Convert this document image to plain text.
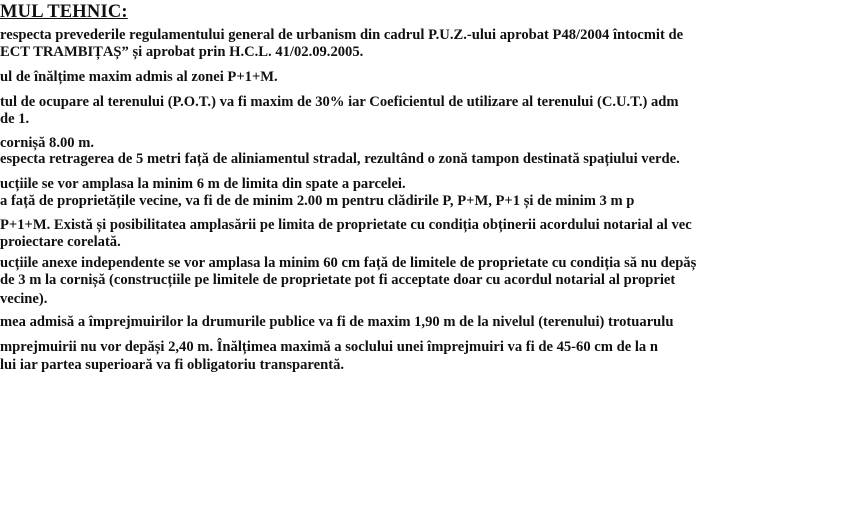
MUL TEHNIC:
respecta prevederile regulamentului general de urbanism din cadrul P.U.Z.-ului aprobat P48/2004 întocmit de
ECT TRAMBIȚAȘ” și aprobat prin H.C.L. 41/02.09.2005.
ul de înălțime maxim admis al zonei P+1+M.
tul de ocupare al terenului (P.O.T.) va fi maxim de 30% iar Coeficientul de utilizare al terenului (C.U.T.) adm
de 1.
cornișă 8.00 m.
especta retragerea de 5 metri față de aliniamentul stradal, rezultând o zonă tampon destinată spațiului verde.
ucțiile se vor amplasa la minim 6 m de limita din spate a parcelei.
a față de proprietățile vecine, va fi de de minim 2.00 m pentru clădirile P, P+M, P+1 și de minim 3 m p
P+1+M. Există și posibilitatea amplasării pe limita de proprietate cu condiția obținerii acordului notarial al vec
proiectare corelată.
ucțiile anexe independente se vor amplasa la minim 60 cm față de limitele de proprietate cu condiția să nu depăș
de 3 m la cornișă (construcțiile pe limitele de proprietate pot fi acceptate doar cu acordul notarial al propriet
vecine).
mea admisă a împrejmuirilor la drumurile publice va fi de maxim 1,90 m de la nivelul (terenului) trotuarulu
mprejmuirii nu vor depăși 2,40 m. Înălțimea maximă a soclului unei împrejmuiri va fi de 45-60 cm de la n
lui iar partea superioară va fi obligatoriu transparentă.
